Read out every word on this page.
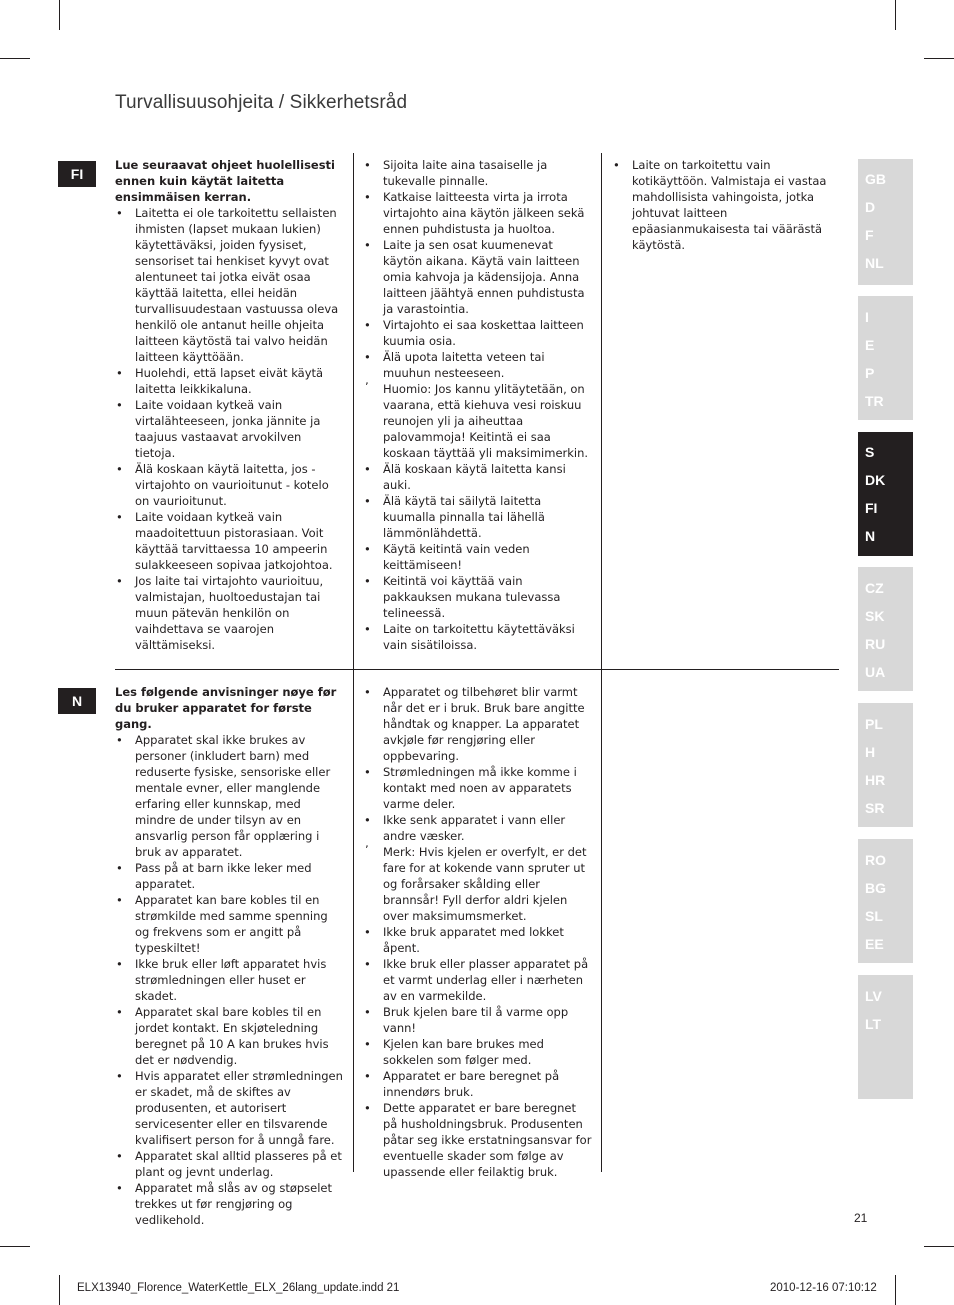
Turvallisuusohjeita / Sikkerhetsråd
FI

Lue seuraavat ohjeet huolellisesti ennen kuin käytät laitetta ensimmäisen kerran.

• Laitetta ei ole tarkoitettu sellaisten ihmisten (lapset mukaan lukien) käytettäväksi, joiden fyysiset, sensoriset tai henkiset kyvyt ovat alentuneet tai jotka eivät osaa käyttää laitetta, ellei heidän turvallisuudestaan vastuussa oleva henkilö ole antanut heille ohjeita laitteen käytöstä tai valvo heidän laitteen käyttöään.
• Huolehdi, että lapset eivät käytä laitetta leikkikaluna.
• Laite voidaan kytkeä vain virtalähteeseen, jonka jännite ja taajuus vastaavat arvokilven tietoja.
• Älä koskaan käytä laitetta, jos -virtajohto on vaurioitunut - kotelo on vaurioitunut.
• Laite voidaan kytkeä vain maadoitettuun pistorasiaan. Voit käyttää tarvittaessa 10 ampeerin sulakkeeseen sopivaa jatkojohtoa.
• Jos laite tai virtajohto vaurioituu, valmistajan, huoltoedustajan tai muun pätevän henkilön on vaihdettava se vaarojen välttämiseksi.
• Sijoita laite aina tasaiselle ja tukevalle pinnalle.
• Katkaise laitteesta virta ja irrota virtajohto aina käytön jälkeen sekä ennen puhdistusta ja huoltoa.
• Laite ja sen osat kuumenevat käytön aikana. Käytä vain laitteen omia kahvoja ja kädensijoja. Anna laitteen jäähtyä ennen puhdistusta ja varastointia.
• Virtajohto ei saa koskettaa laitteen kuumia osia.
• Älä upota laitetta veteen tai muuhun nesteeseen.
ʼ Huomio: Jos kannu ylitäytetään, on vaarana, että kiehuva vesi roiskuu reunojen yli ja aiheuttaa palovammoja! Keitintä ei saa koskaan täyttää yli maksimimerkin.
• Älä koskaan käytä laitetta kansi auki.
• Älä käytä tai säilytä laitetta kuumalla pinnalla tai lähellä lämmönlähdettä.
• Käytä keitintä vain veden keittämiseen!
• Keitintä voi käyttää vain pakkauksen mukana tulevassa telineessä.
• Laite on tarkoitettu käytettäväksi vain sisätiloissa.
• Laite on tarkoitettu vain kotikäyttöön. Valmistaja ei vastaa mahdollisista vahingoista, jotka johtuvat laitteen epäasianmukaisesta tai väärästä käytöstä.
N

Les følgende anvisninger nøye før du bruker apparatet for første gang.

• Apparatet skal ikke brukes av personer (inkludert barn) med reduserte fysiske, sensoriske eller mentale evner, eller manglende erfaring eller kunnskap, med mindre de under tilsyn av en ansvarlig person får opplæring i bruk av apparatet.
• Pass på at barn ikke leker med apparatet.
• Apparatet kan bare kobles til en strømkilde med samme spenning og frekvens som er angitt på typeskiltet!
• Ikke bruk eller løft apparatet hvis strømledningen eller huset er skadet.
• Apparatet skal bare kobles til en jordet kontakt. En skjøteledning beregnet på 10 A kan brukes hvis det er nødvendig.
• Hvis apparatet eller strømledningen er skadet, må de skiftes av produsenten, et autorisert servicesenter eller en tilsvarende kvalifisert person for å unngå fare.
• Apparatet skal alltid plasseres på et plant og jevnt underlag.
• Apparatet må slås av og støpselet trekkes ut før rengjøring og vedlikehold.
• Apparatet og tilbehøret blir varmt når det er i bruk. Bruk bare angitte håndtak og knapper. La apparatet avkjøle før rengjøring eller oppbevaring.
• Strømledningen må ikke komme i kontakt med noen av apparatets varme deler.
• Ikke senk apparatet i vann eller andre væsker.
ʼ Merk: Hvis kjelen er overfylt, er det fare for at kokende vann spruter ut og forårsaker skålding eller brannsår! Fyll derfor aldri kjelen over maksimumsmerket.
• Ikke bruk apparatet med lokket åpent.
• Ikke bruk eller plasser apparatet på et varmt underlag eller i nærheten av en varmekilde.
• Bruk kjelen bare til å varme opp vann!
• Kjelen kan bare brukes med sokkelen som følger med.
• Apparatet er bare beregnet på innendørs bruk.
• Dette apparatet er bare beregnet på husholdningsbruk. Produsenten påtar seg ikke erstatningsansvar for eventuelle skader som følge av upassende eller feilaktig bruk.
GB
D
F
NL
I
E
P
TR
S
DK
FI
N
CZ
SK
RU
UA
PL
H
HR
SR
RO
BG
SL
EE
LV
LT
21
ELX13940_Florence_WaterKettle_ELX_26lang_update.indd 21	2010-12-16 07:10:12
